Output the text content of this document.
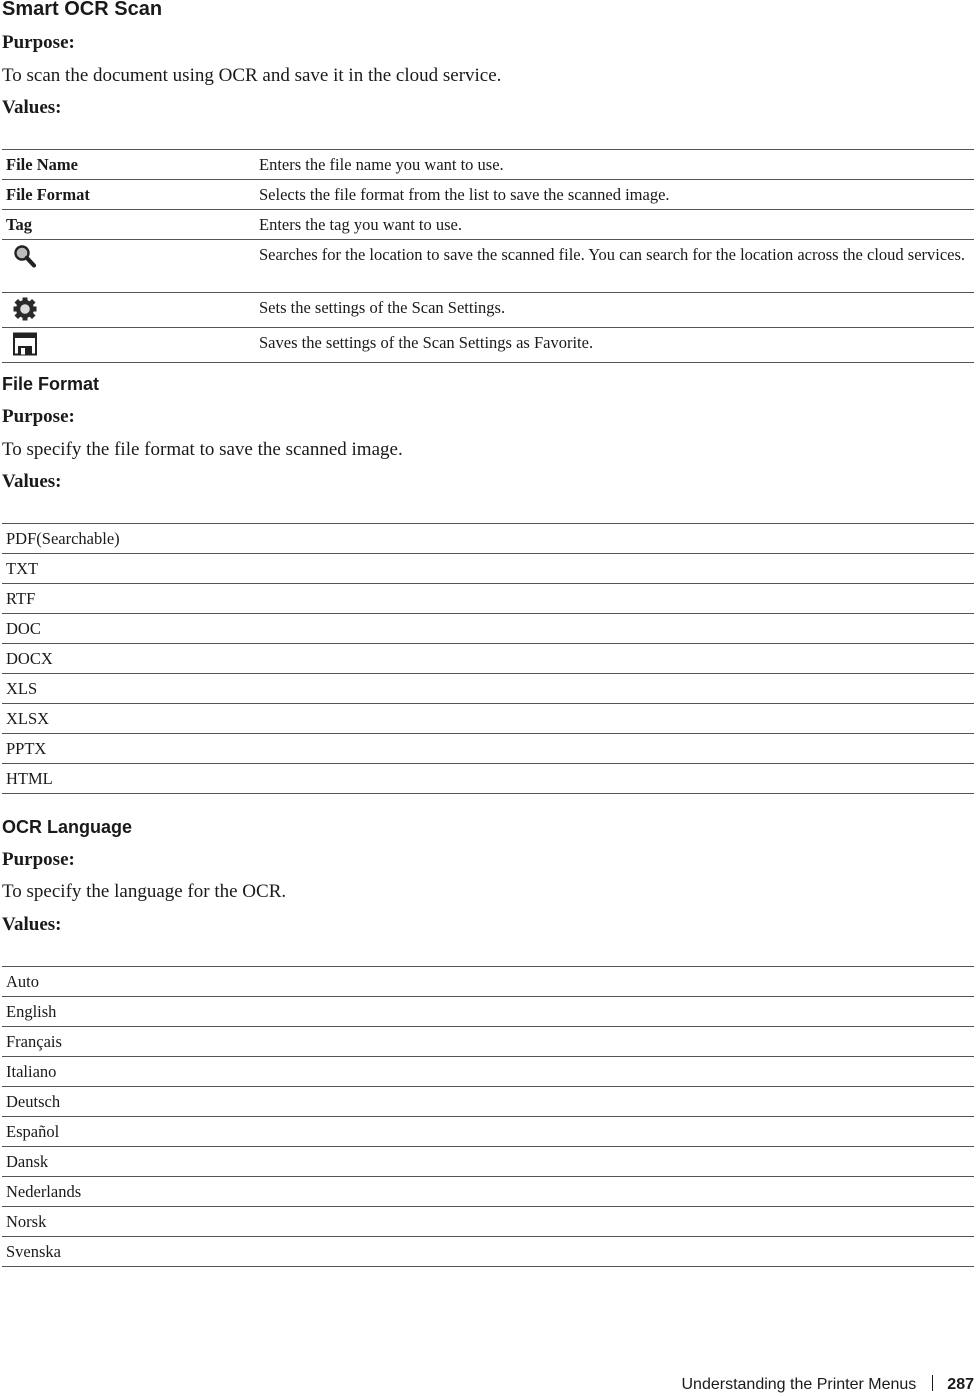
Smart OCR Scan
Purpose:
To scan the document using OCR and save it in the cloud service.
Values:
File Name	Enters the file name you want to use.
File Format	Selects the file format from the list to save the scanned image.
Tag	Enters the tag you want to use.
	Searches for the location to save the scanned file. You can search for the location across the cloud services.
	Sets the settings of the Scan Settings.
	Saves the settings of the Scan Settings as Favorite.
File Format
Purpose:
To specify the file format to save the scanned image.
Values:
PDF(Searchable)
TXT
RTF
DOC
DOCX
XLS
XLSX
PPTX
HTML
OCR Language
Purpose:
To specify the language for the OCR.
Values:
Auto
English
Français
Italiano
Deutsch
Español
Dansk
Nederlands
Norsk
Svenska
Understanding the Printer Menus 287
